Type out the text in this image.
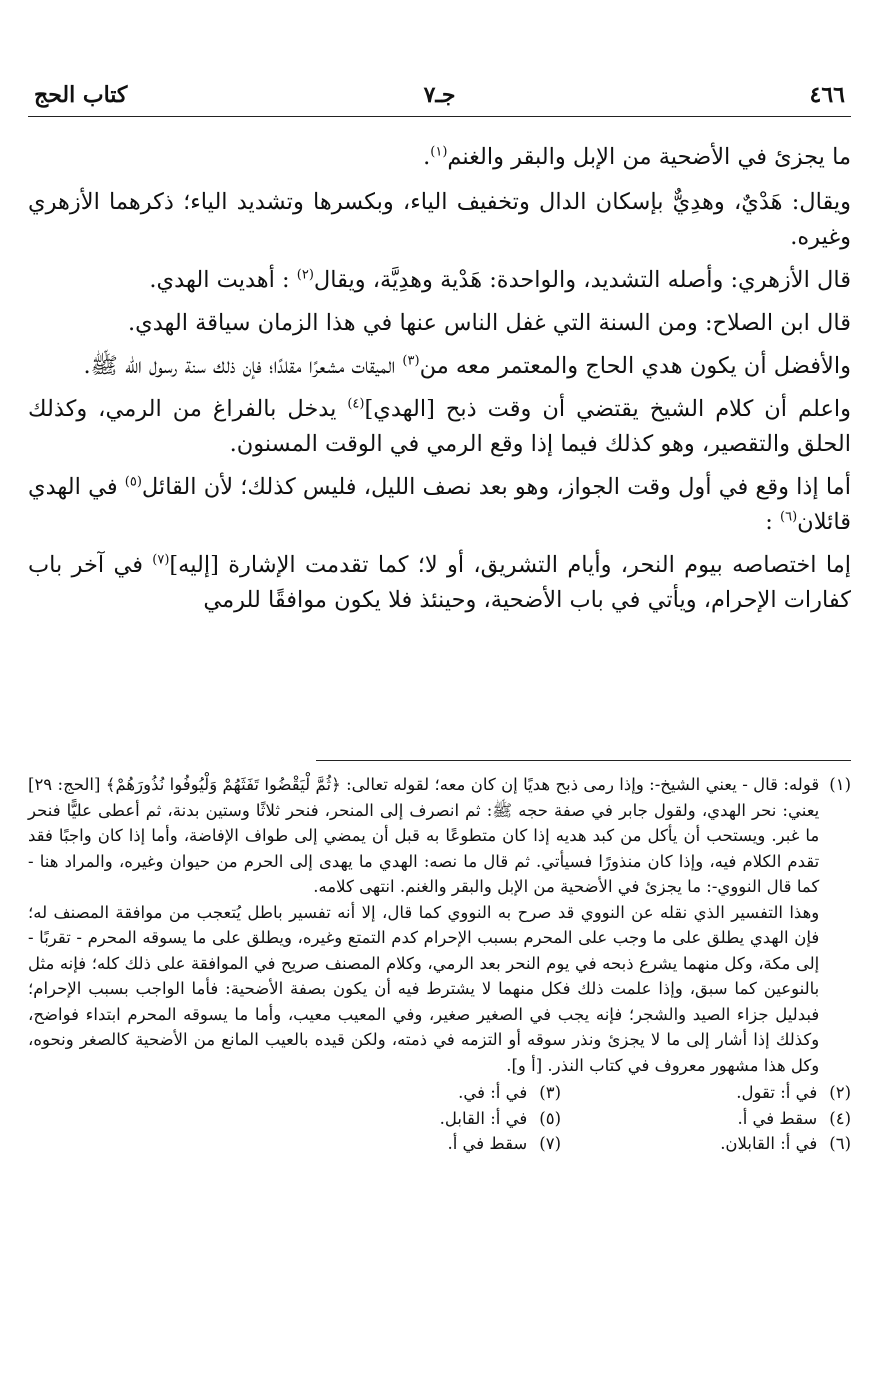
٤٦٦
جـ٧
كتاب الحج

ما يجزئ في الأضحية من الإبل والبقر والغنم$^{(١)}$.

ويقال: هَدْيٌ، وهدِيٌّ بإسكان الدال وتخفيف الياء، وبكسرها وتشديد الياء؛ ذكرهما الأزهري وغيره.

قال الأزهري: وأصله التشديد، والواحدة: هَدْية وهدِيَّة، ويقال$^{(٢)}$ : أهديت الهدي.

قال ابن الصلاح: ومن السنة التي غفل الناس عنها في هذا الزمان سياقة الهدي.

والأفضل أن يكون هدي الحاج والمعتمر معه من$^{(٣)}$ الميقات مشعرًا مقلدًا؛ فإن ذلك سنة رسول الله ﷺ.

واعلم أن كلام الشيخ يقتضي أن وقت ذبح [الهدي]$^{(٤)}$ يدخل بالفراغ من الرمي، وكذلك الحلق والتقصير، وهو كذلك فيما إذا وقع الرمي في الوقت المسنون.

أما إذا وقع في أول وقت الجواز، وهو بعد نصف الليل، فليس كذلك؛ لأن القائل$^{(٥)}$ في الهدي قائلان$^{(٦)}$ :

إما اختصاصه بيوم النحر، وأيام التشريق، أو لا؛ كما تقدمت الإشارة [إليه]$^{(٧)}$ في آخر باب كفارات الإحرام، ويأتي في باب الأضحية، وحينئذ فلا يكون موافقًا للرمي

(١)

قوله: قال - يعني الشيخ-: وإذا رمى ذبح هديًا إن كان معه؛ لقوله تعالى: ﴿ثُمَّ لْيَقْضُوا تَفَثَهُمْ وَلْيُوفُوا نُذُورَهُمْ﴾ [الحج: ٢٩] يعني: نحر الهدي، ولقول جابر في صفة حجه ﷺ: ثم انصرف إلى المنحر، فنحر ثلاثًا وستين بدنة، ثم أعطى عليًّا فنحر ما غبر. ويستحب أن يأكل من كبد هديه إذا كان متطوعًا به قبل أن يمضي إلى طواف الإفاضة، وأما إذا كان واجبًا فقد تقدم الكلام فيه، وإذا كان منذورًا فسيأتي. ثم قال ما نصه: الهدي ما يهدى إلى الحرم من حيوان وغيره، والمراد هنا - كما قال النووي-: ما يجزئ في الأضحية من الإبل والبقر والغنم. انتهى كلامه.

وهذا التفسير الذي نقله عن النووي قد صرح به النووي كما قال، إلا أنه تفسير باطل يُتعجب من موافقة المصنف له؛ فإن الهدي يطلق على ما وجب على المحرم بسبب الإحرام كدم التمتع وغيره، ويطلق على ما يسوقه المحرم - تقربًا - إلى مكة، وكل منهما يشرع ذبحه في يوم النحر بعد الرمي، وكلام المصنف صريح في الموافقة على ذلك كله؛ فإنه مثل بالنوعين كما سبق، وإذا علمت ذلك فكل منهما لا يشترط فيه أن يكون بصفة الأضحية: فأما الواجب بسبب الإحرام؛ فبدليل جزاء الصيد والشجر؛ فإنه يجب في الصغير صغير، وفي المعيب معيب، وأما ما يسوقه المحرم ابتداء فواضح، وكذلك إذا أشار إلى ما لا يجزئ ونذر سوقه أو التزمه في ذمته، ولكن قيده بالعيب المانع من الأضحية كالصغر ونحوه، وكل هذا مشهور معروف في كتاب النذر. [أ و].

(٢)
في أ: تقول.
(٣)
في أ: في.
(٤)
سقط في أ.
(٥)
في أ: القابل.
(٦)
في أ: القابلان.
(٧)
سقط في أ.
